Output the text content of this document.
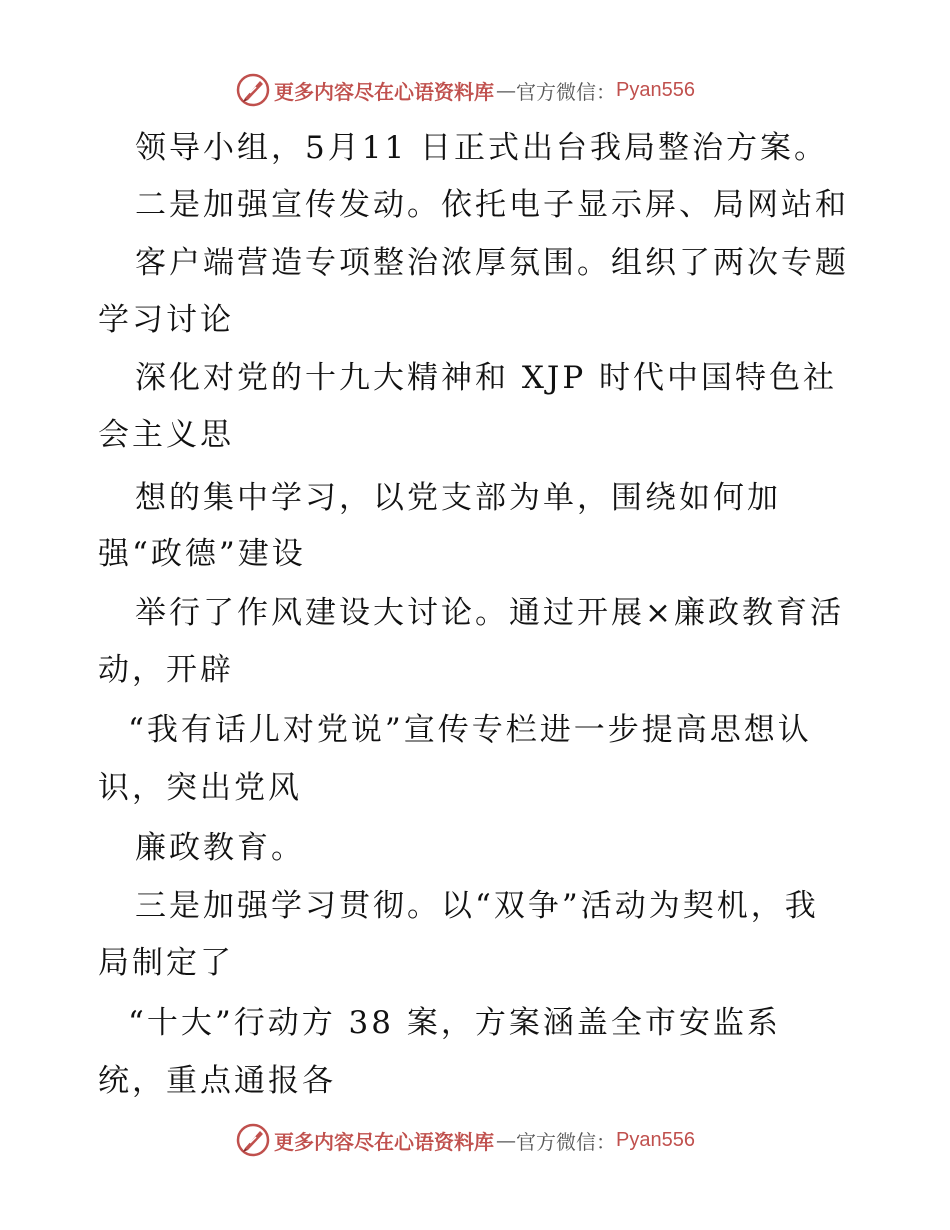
更多内容尽在心语资料库 — 官方微信： Pyan556
领导小组，5月11 日正式出台我局整治方案。
二是加强宣传发动。依托电子显示屏、局网站和
客户端营造专项整治浓厚氛围。组织了两次专题
学习讨论
深化对党的十九大精神和 XJP 时代中国特色社
会主义思
想的集中学习，以党支部为单，围绕如何加
强“政德”建设
举行了作风建设大讨论。通过开展×廉政教育活
动，开辟
“我有话儿对党说”宣传专栏进一步提高思想认
识，突出党风
廉政教育。
三是加强学习贯彻。以“双争”活动为契机，我
局制定了
“十大”行动方 38 案，方案涵盖全市安监系
统，重点通报各
更多内容尽在心语资料库 — 官方微信： Pyan556
